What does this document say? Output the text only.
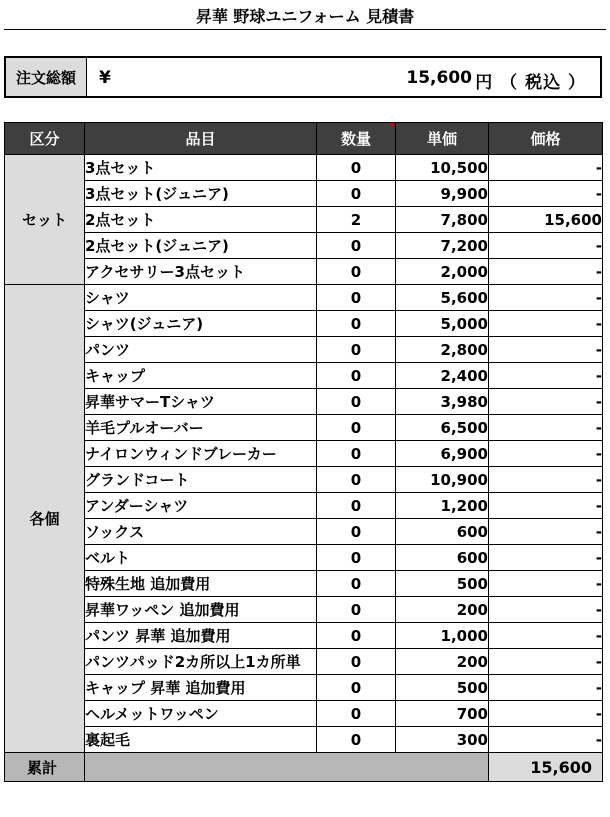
昇華 野球ユニフォーム 見積書
注文総額	¥	15,600 円 （ 税込 ）
区分	品目	数量	単価	価格
セット	3点セット	0	10,500	-
	3点セット(ジュニア)	0	9,900	-
	2点セット	2	7,800	15,600
	2点セット(ジュニア)	0	7,200	-
	アクセサリー3点セット	0	2,000	-
各個	シャツ	0	5,600	-
	シャツ(ジュニア)	0	5,000	-
	パンツ	0	2,800	-
	キャップ	0	2,400	-
	昇華サマーTシャツ	0	3,980	-
	羊毛プルオーバー	0	6,500	-
	ナイロンウィンドブレーカー	0	6,900	-
	グランドコート	0	10,900	-
	アンダーシャツ	0	1,200	-
	ソックス	0	600	-
	ベルト	0	600	-
	特殊生地 追加費用	0	500	-
	昇華ワッペン 追加費用	0	200	-
	パンツ 昇華 追加費用	0	1,000	-
	パンツパッド2カ所以上1カ所単	0	200	-
	キャップ 昇華 追加費用	0	500	-
	ヘルメットワッペン	0	700	-
	裏起毛	0	300	-
累計				15,600
